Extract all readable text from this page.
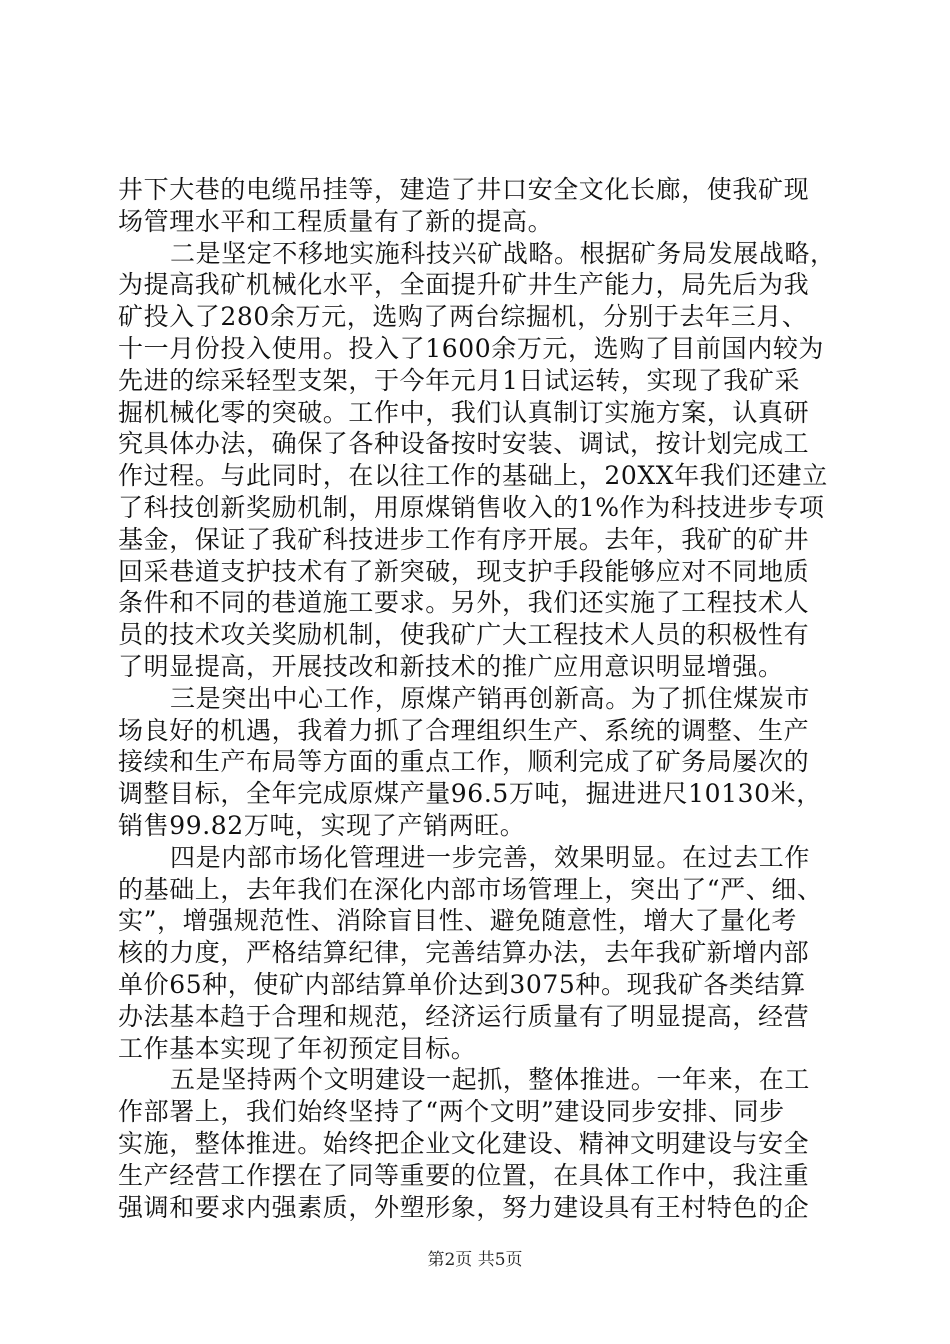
井下大巷的电缆吊挂等，建造了井口安全文化长廊，使我矿现
场管理水平和工程质量有了新的提高。
二是坚定不移地实施科技兴矿战略。根据矿务局发展战略，
为提高我矿机械化水平，全面提升矿井生产能力，局先后为我
矿投入了280余万元，选购了两台综掘机，分别于去年三月、
十一月份投入使用。投入了1600余万元，选购了目前国内较为
先进的综采轻型支架，于今年元月1日试运转，实现了我矿采
掘机械化零的突破。工作中，我们认真制订实施方案，认真研
究具体办法，确保了各种设备按时安装、调试，按计划完成工
作过程。与此同时，在以往工作的基础上，20XX年我们还建立
了科技创新奖励机制，用原煤销售收入的1%作为科技进步专项
基金，保证了我矿科技进步工作有序开展。去年，我矿的矿井
回采巷道支护技术有了新突破，现支护手段能够应对不同地质
条件和不同的巷道施工要求。另外，我们还实施了工程技术人
员的技术攻关奖励机制，使我矿广大工程技术人员的积极性有
了明显提高，开展技改和新技术的推广应用意识明显增强。
三是突出中心工作，原煤产销再创新高。为了抓住煤炭市
场良好的机遇，我着力抓了合理组织生产、系统的调整、生产
接续和生产布局等方面的重点工作，顺利完成了矿务局屡次的
调整目标，全年完成原煤产量96.5万吨，掘进进尺10130米，
销售99.82万吨，实现了产销两旺。
四是内部市场化管理进一步完善，效果明显。在过去工作
的基础上，去年我们在深化内部市场管理上，突出了“严、细、
实”，增强规范性、消除盲目性、避免随意性，增大了量化考
核的力度，严格结算纪律，完善结算办法，去年我矿新增内部
单价65种，使矿内部结算单价达到3075种。现我矿各类结算
办法基本趋于合理和规范，经济运行质量有了明显提高，经营
工作基本实现了年初预定目标。
五是坚持两个文明建设一起抓，整体推进。一年来，在工
作部署上，我们始终坚持了“两个文明”建设同步安排、同步
实施，整体推进。始终把企业文化建设、精神文明建设与安全
生产经营工作摆在了同等重要的位置，在具体工作中，我注重
强调和要求内强素质，外塑形象，努力建设具有王村特色的企
第2页 共5页
